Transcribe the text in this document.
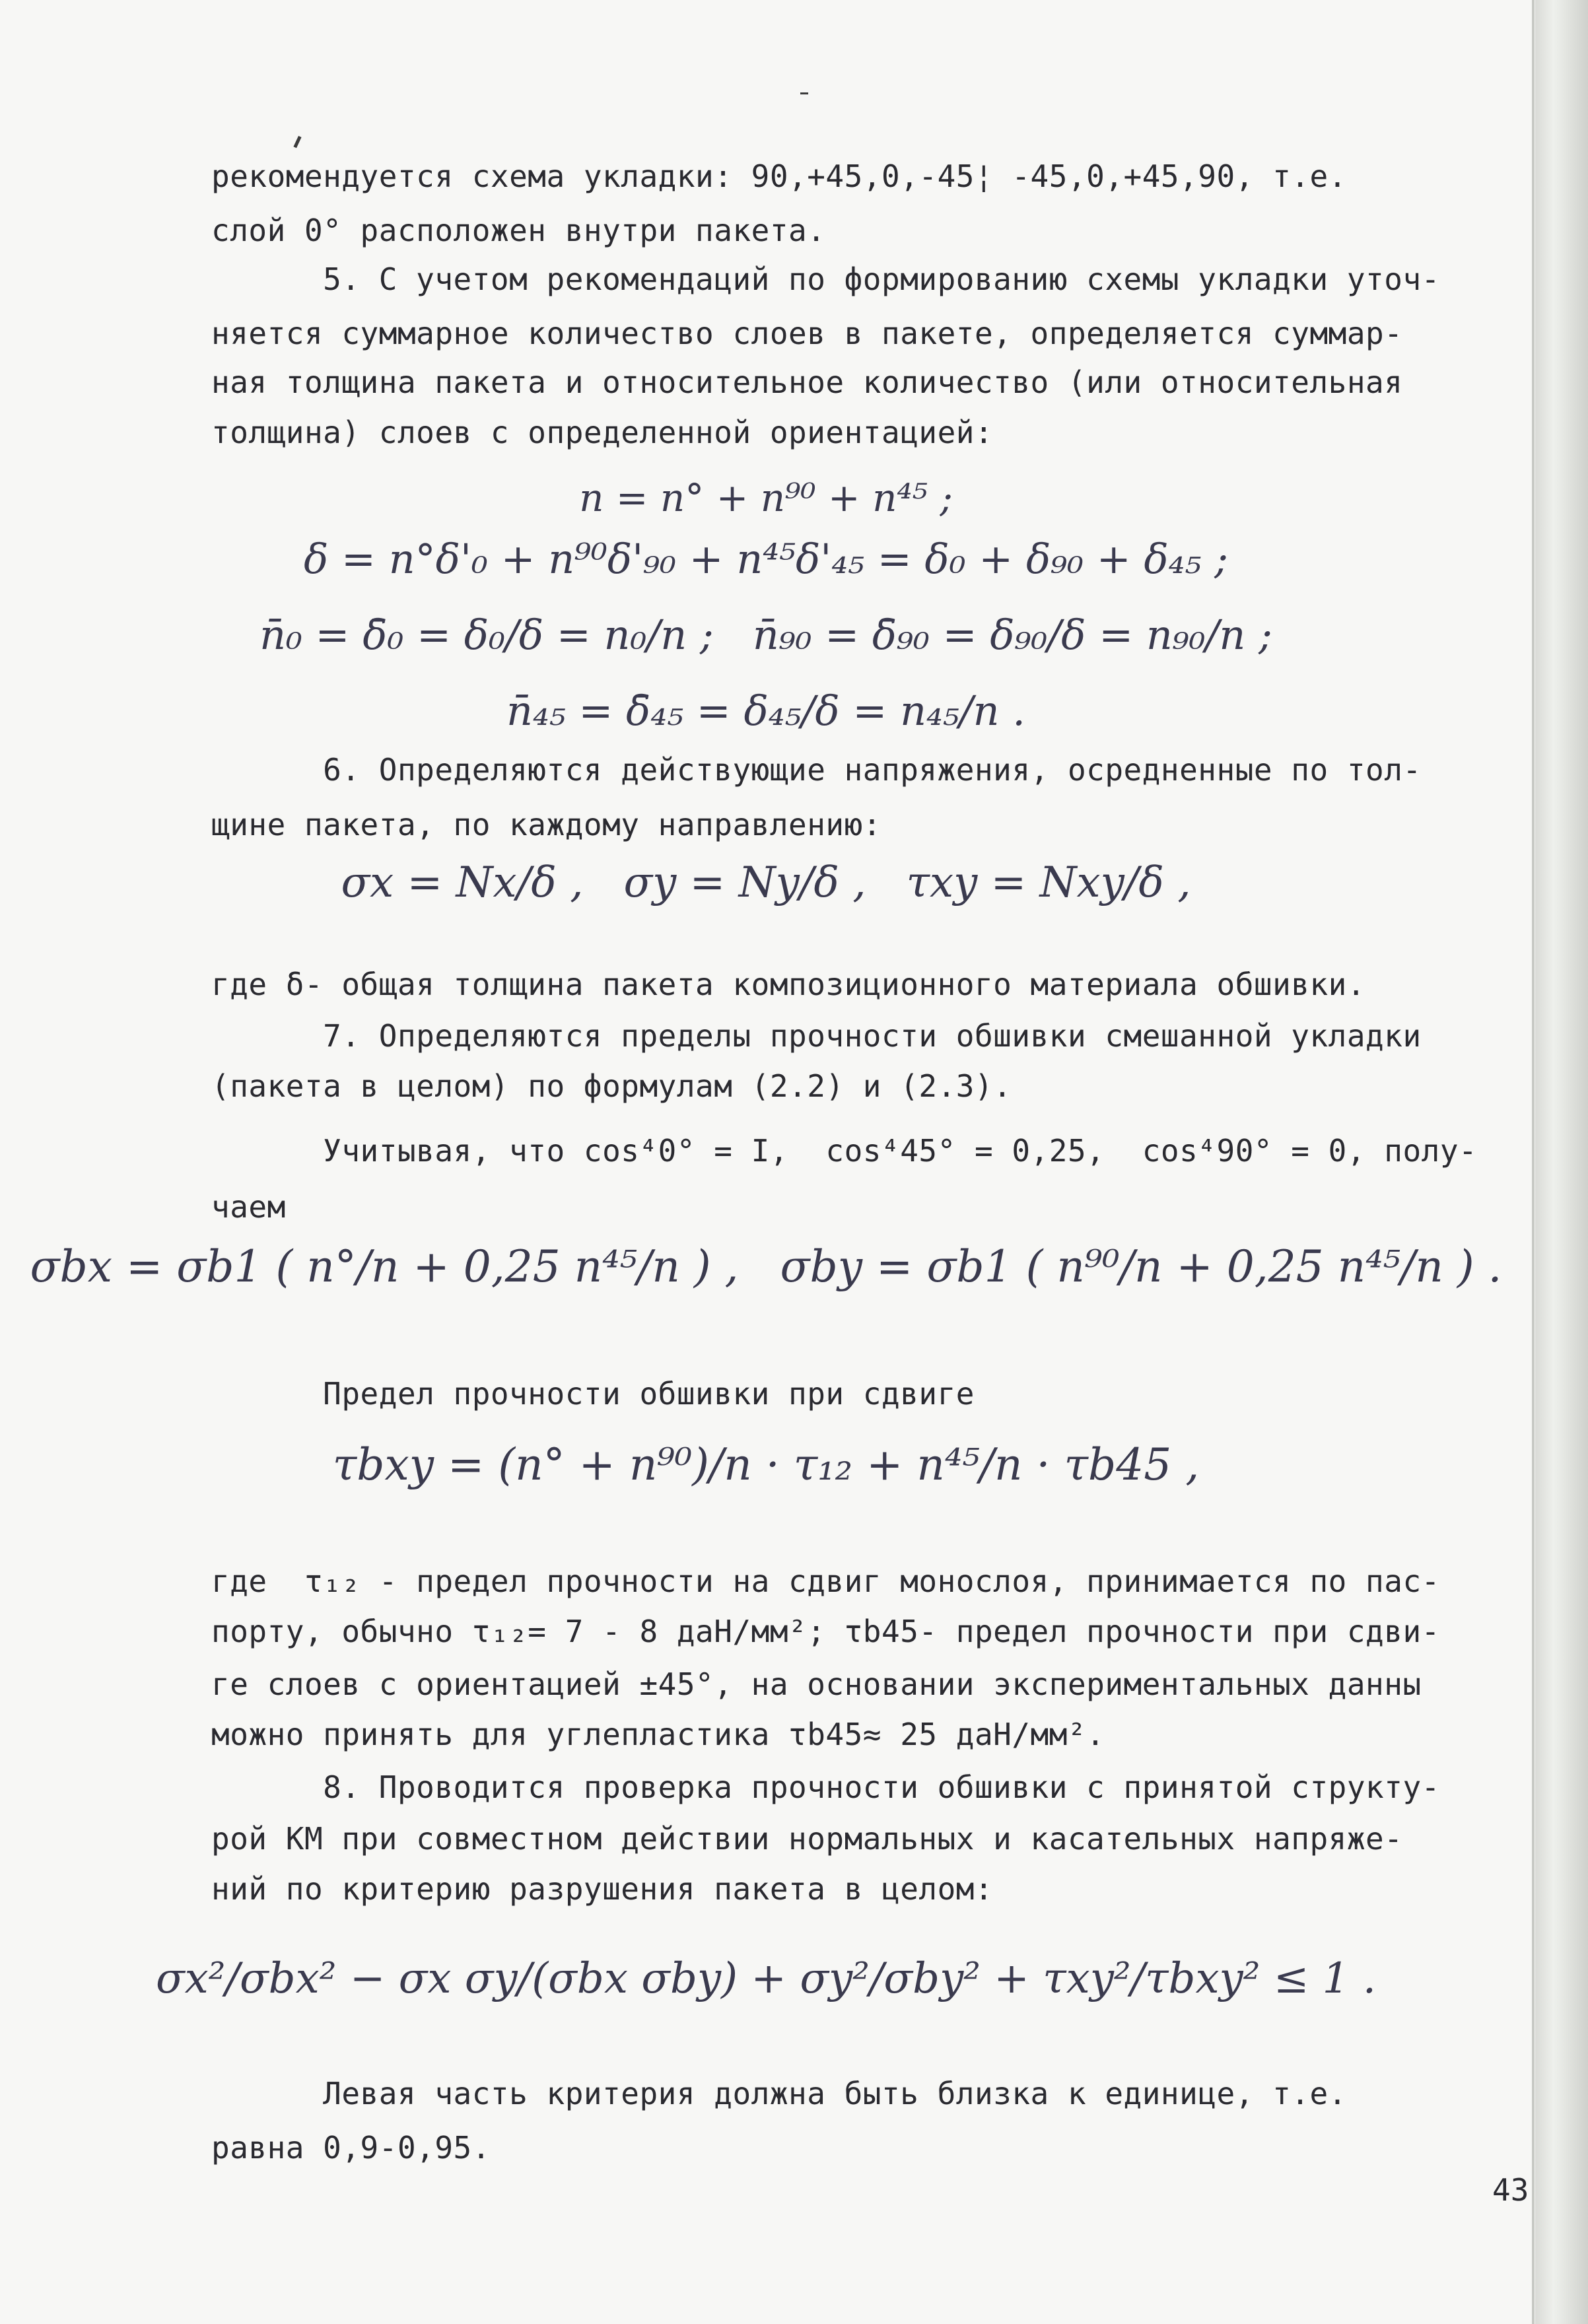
рекомендуется схема укладки: 90,+45,0,-45¦ -45,0,+45,90, т.е.
слой 0° расположен внутри пакета.
5. С учетом рекомендаций по формированию схемы укладки уточ-
няется суммарное количество слоев в пакете, определяется суммар-
ная толщина пакета и относительное количество (или относительная
толщина) слоев с определенной ориентацией:
n = n° + n⁹⁰ + n⁴⁵ ;
δ = n°δ'₀ + n⁹⁰δ'₉₀ + n⁴⁵δ'₄₅ = δ₀ + δ₉₀ + δ₄₅ ;
n̄₀ = δ̄₀ = δ₀/δ = n₀/n ;   n̄₉₀ = δ̄₉₀ = δ₉₀/δ = n₉₀/n ;
n̄₄₅ = δ̄₄₅ = δ₄₅/δ = n₄₅/n .
6. Определяются действующие напряжения, осредненные по тол-
щине пакета, по каждому направлению:
σx = Nx/δ ,   σy = Ny/δ ,   τxy = Nxy/δ ,
где δ- общая толщина пакета композиционного материала обшивки.
7. Определяются пределы прочности обшивки смешанной укладки
(пакета в целом) по формулам (2.2) и (2.3).
Учитывая, что cos⁴0° = I,  cos⁴45° = 0,25,  cos⁴90° = 0, полу-
чаем
σbx = σb1 ( n°/n + 0,25 n⁴⁵/n ) ,   σby = σb1 ( n⁹⁰/n + 0,25 n⁴⁵/n ) .
Предел прочности обшивки при сдвиге
τbxy = (n° + n⁹⁰)/n · τ₁₂ + n⁴⁵/n · τb45 ,
где  τ₁₂ - предел прочности на сдвиг монослоя, принимается по пас-
порту, обычно τ₁₂= 7 - 8 даН/мм²; τb45- предел прочности при сдви-
ге слоев с ориентацией ±45°, на основании экспериментальных данны
можно принять для углепластика τb45≈ 25 даН/мм².
8. Проводится проверка прочности обшивки с принятой структу-
рой КМ при совместном действии нормальных и касательных напряже-
ний по критерию разрушения пакета в целом:
σx²/σbx² − σx σy/(σbx σby) + σy²/σby² + τxy²/τbxy² ≤ 1 .
Левая часть критерия должна быть близка к единице, т.е.
равна 0,9-0,95.
43
